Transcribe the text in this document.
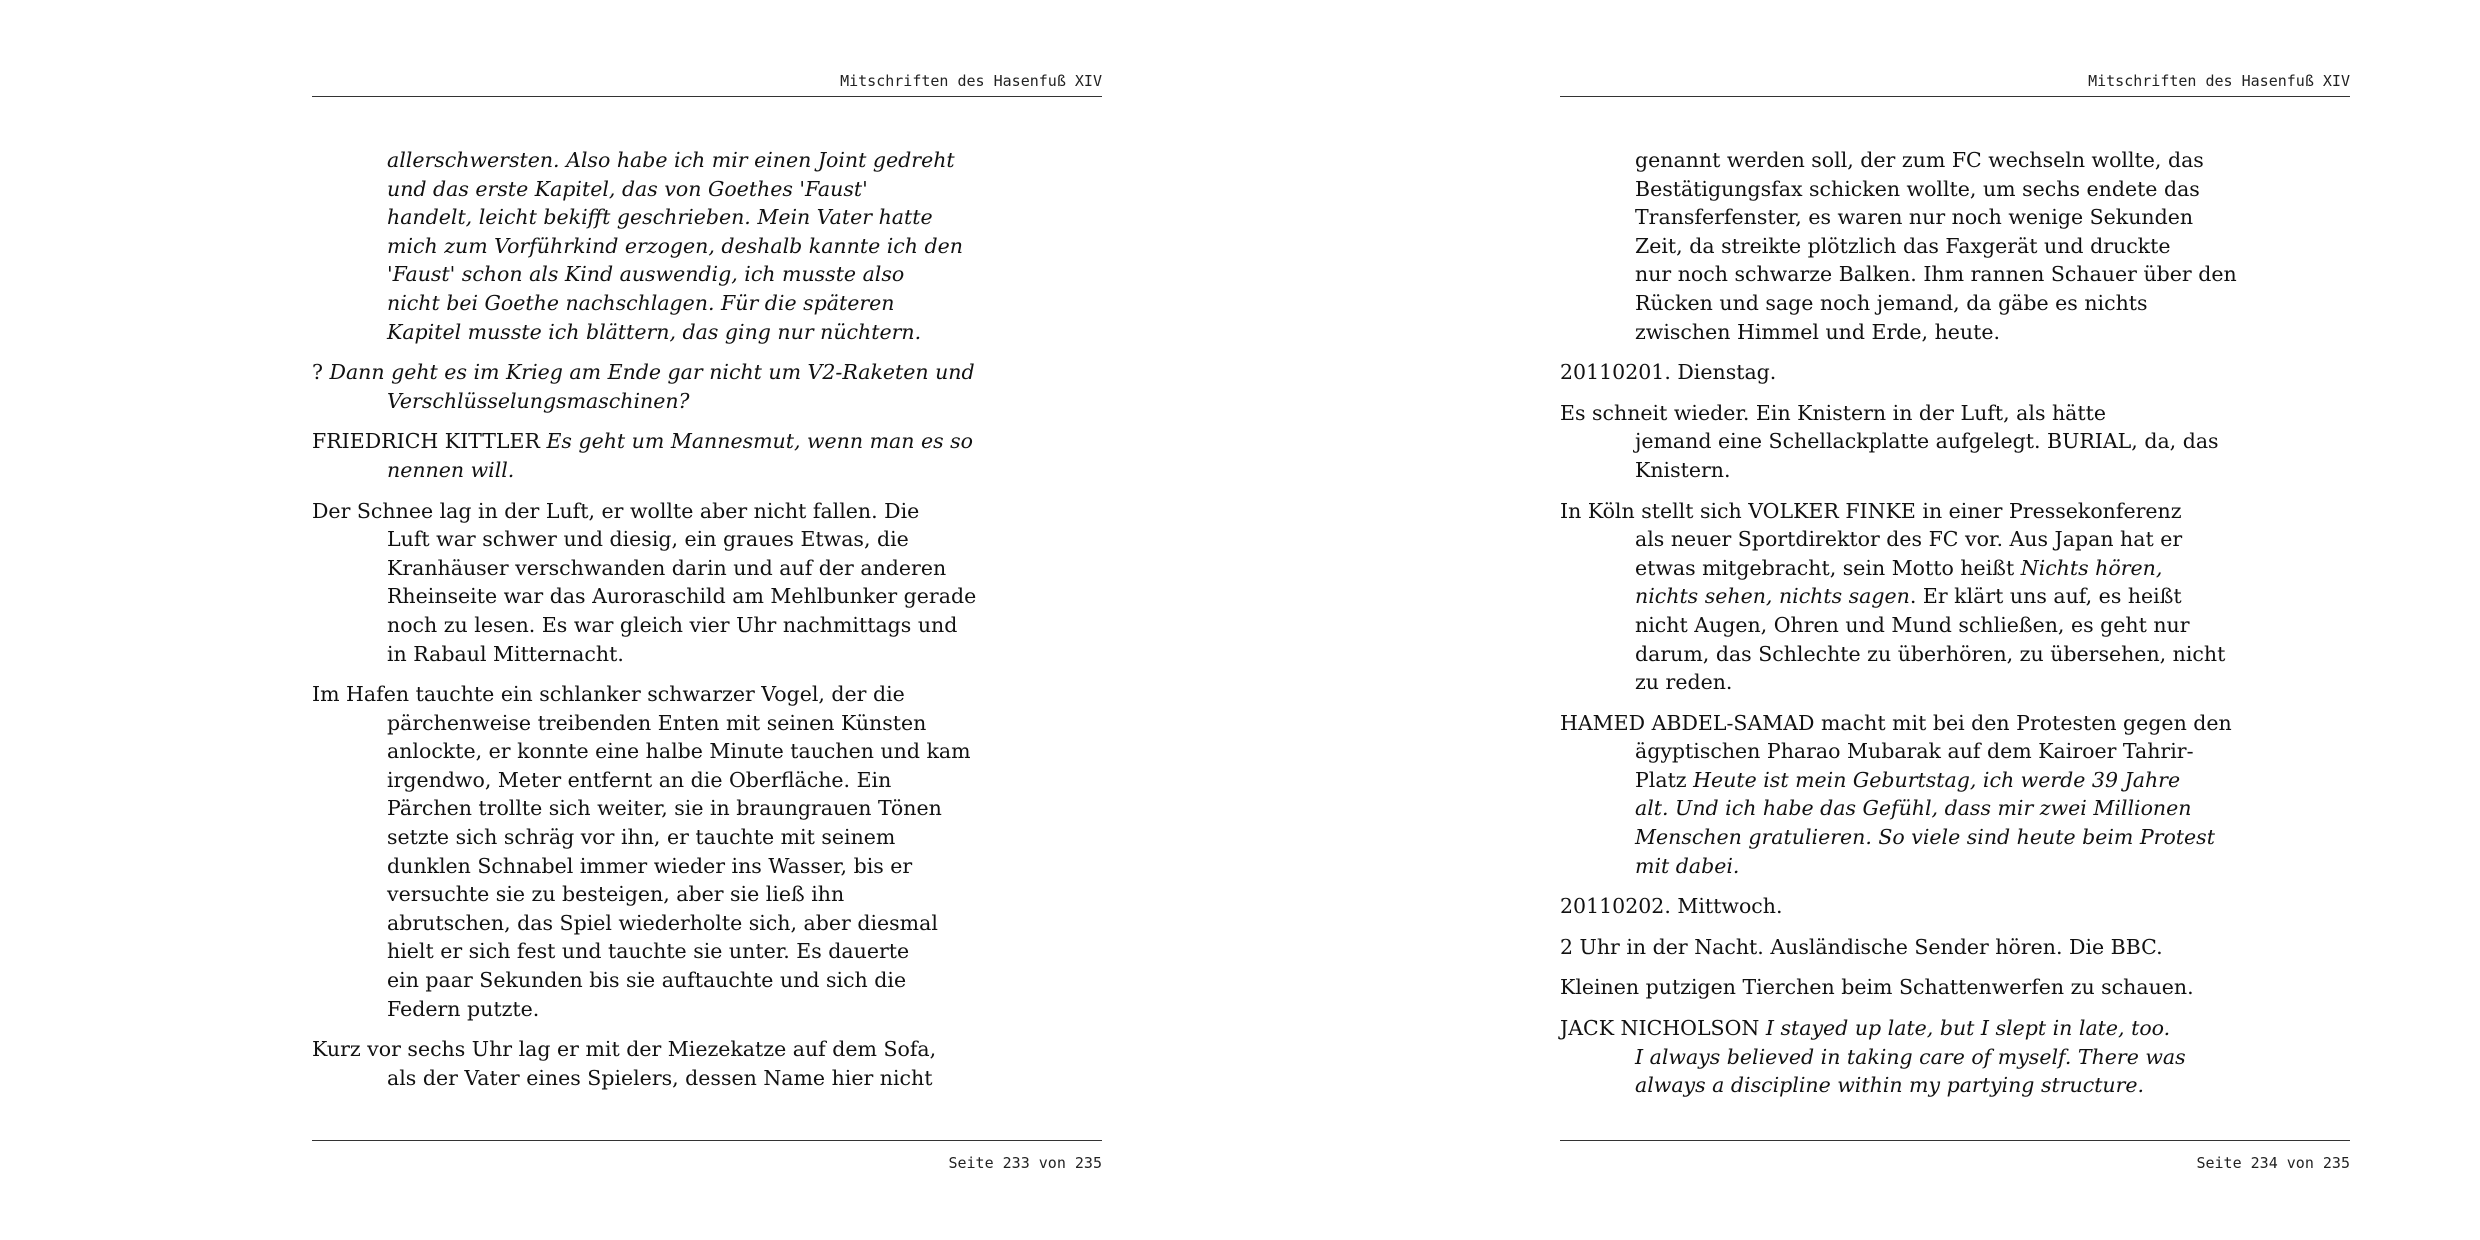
Mitschriften des Hasenfuß XIV

allerschwersten. Also habe ich mir einen Joint gedreht
und das erste Kapitel, das von Goethes 'Faust'
handelt, leicht bekifft geschrieben. Mein Vater hatte
mich zum Vorführkind erzogen, deshalb kannte ich den
'Faust' schon als Kind auswendig, ich musste also
nicht bei Goethe nachschlagen. Für die späteren
Kapitel musste ich blättern, das ging nur nüchtern.

? Dann geht es im Krieg am Ende gar nicht um V2-Raketen und
Verschlüsselungsmaschinen?

FRIEDRICH KITTLER Es geht um Mannesmut, wenn man es so
nennen will.

Der Schnee lag in der Luft, er wollte aber nicht fallen. Die
Luft war schwer und diesig, ein graues Etwas, die
Kranhäuser verschwanden darin und auf der anderen
Rheinseite war das Auroraschild am Mehlbunker gerade
noch zu lesen. Es war gleich vier Uhr nachmittags und
in Rabaul Mitternacht.

Im Hafen tauchte ein schlanker schwarzer Vogel, der die
pärchenweise treibenden Enten mit seinen Künsten
anlockte, er konnte eine halbe Minute tauchen und kam
irgendwo, Meter entfernt an die Oberfläche. Ein
Pärchen trollte sich weiter, sie in braungrauen Tönen
setzte sich schräg vor ihn, er tauchte mit seinem
dunklen Schnabel immer wieder ins Wasser, bis er
versuchte sie zu besteigen, aber sie ließ ihn
abrutschen, das Spiel wiederholte sich, aber diesmal
hielt er sich fest und tauchte sie unter. Es dauerte
ein paar Sekunden bis sie auftauchte und sich die
Federn putzte.

Kurz vor sechs Uhr lag er mit der Miezekatze auf dem Sofa,
als der Vater eines Spielers, dessen Name hier nicht

Seite 233 von 235
Mitschriften des Hasenfuß XIV

genannt werden soll, der zum FC wechseln wollte, das
Bestätigungsfax schicken wollte, um sechs endete das
Transferfenster, es waren nur noch wenige Sekunden
Zeit, da streikte plötzlich das Faxgerät und druckte
nur noch schwarze Balken. Ihm rannen Schauer über den
Rücken und sage noch jemand, da gäbe es nichts
zwischen Himmel und Erde, heute.

20110201. Dienstag.

Es schneit wieder. Ein Knistern in der Luft, als hätte
jemand eine Schellackplatte aufgelegt. BURIAL, da, das
Knistern.

In Köln stellt sich VOLKER FINKE in einer Pressekonferenz
als neuer Sportdirektor des FC vor. Aus Japan hat er
etwas mitgebracht, sein Motto heißt Nichts hören,
nichts sehen, nichts sagen. Er klärt uns auf, es heißt
nicht Augen, Ohren und Mund schließen, es geht nur
darum, das Schlechte zu überhören, zu übersehen, nicht
zu reden.

HAMED ABDEL-SAMAD macht mit bei den Protesten gegen den
ägyptischen Pharao Mubarak auf dem Kairoer Tahrir-
Platz Heute ist mein Geburtstag, ich werde 39 Jahre
alt. Und ich habe das Gefühl, dass mir zwei Millionen
Menschen gratulieren. So viele sind heute beim Protest
mit dabei.

20110202. Mittwoch.

2 Uhr in der Nacht. Ausländische Sender hören. Die BBC.

Kleinen putzigen Tierchen beim Schattenwerfen zu schauen.

JACK NICHOLSON I stayed up late, but I slept in late, too.
I always believed in taking care of myself. There was
always a discipline within my partying structure.

Seite 234 von 235
